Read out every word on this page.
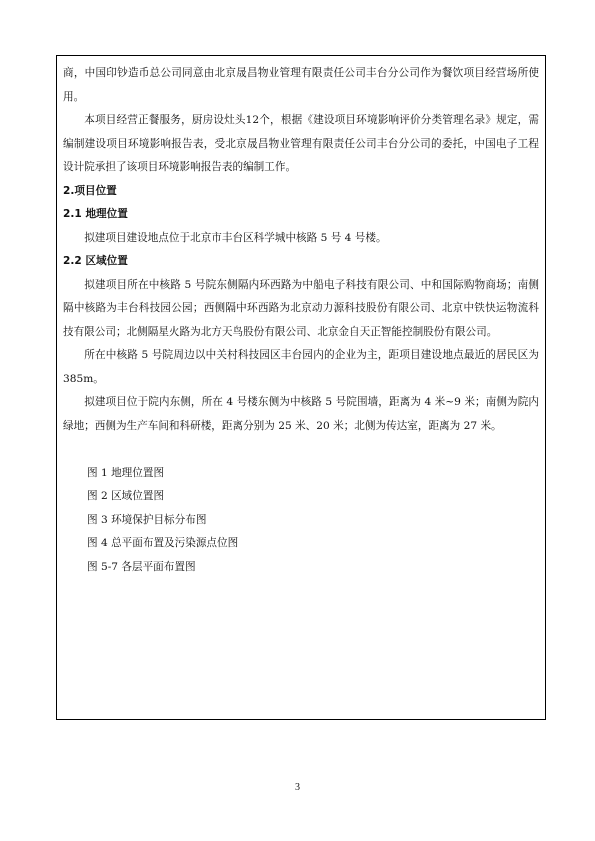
商，中国印钞造币总公司同意由北京晟昌物业管理有限责任公司丰台分公司作为餐饮项目经营场所使用。

本项目经营正餐服务，厨房设灶头12个，根据《建设项目环境影响评价分类管理名录》规定，需编制建设项目环境影响报告表，受北京晟昌物业管理有限责任公司丰台分公司的委托，中国电子工程设计院承担了该项目环境影响报告表的编制工作。

2.项目位置

2.1 地理位置

拟建项目建设地点位于北京市丰台区科学城中核路 5 号 4 号楼。

2.2 区域位置

拟建项目所在中核路 5 号院东侧隔内环西路为中船电子科技有限公司、中和国际购物商场；南侧隔中核路为丰台科技园公园；西侧隔中环西路为北京动力源科技股份有限公司、北京中铁快运物流科技有限公司；北侧隔星火路为北方天鸟股份有限公司、北京金自天正智能控制股份有限公司。

所在中核路 5 号院周边以中关村科技园区丰台园内的企业为主，距项目建设地点最近的居民区为 385m。

拟建项目位于院内东侧，所在 4 号楼东侧为中核路 5 号院围墙，距离为 4 米~9 米；南侧为院内绿地；西侧为生产车间和科研楼，距离分别为 25 米、20 米；北侧为传达室，距离为 27 米。

图 1 地理位置图
图 2 区域位置图
图 3 环境保护目标分布图
图 4 总平面布置及污染源点位图
图 5-7 各层平面布置图
3
